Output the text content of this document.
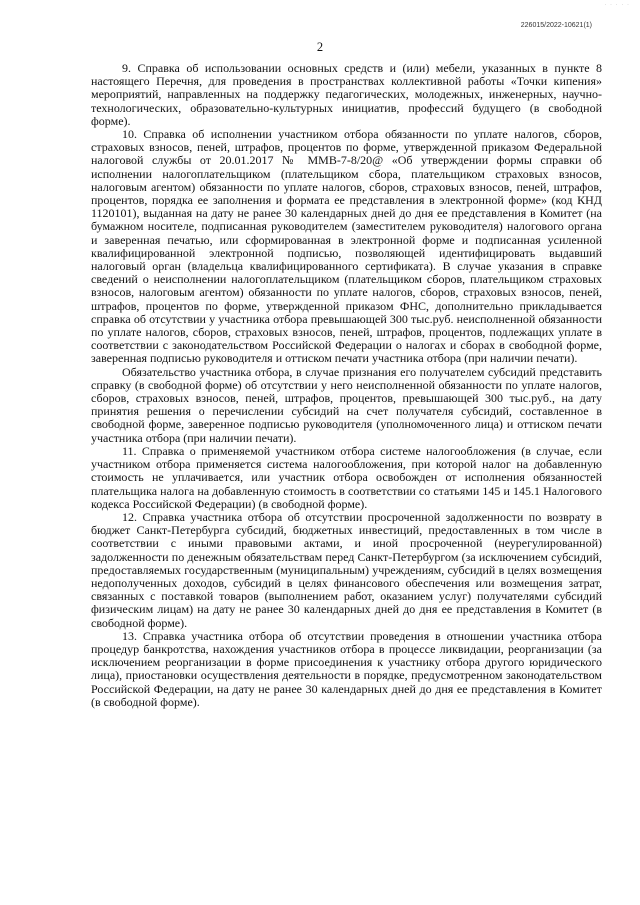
· · · · ·
226015/2022-10621(1)
2

9. Справка об использовании основных средств и (или) мебели, указанных в пункте 8 настоящего Перечня, для проведения в пространствах коллективной работы «Точки кипения» мероприятий, направленных на поддержку педагогических, молодежных, инженерных, научно-технологических, образовательно-культурных инициатив, профессий будущего (в свободной форме).

10. Справка об исполнении участником отбора обязанности по уплате налогов, сборов, страховых взносов, пеней, штрафов, процентов по форме, утвержденной приказом Федеральной налоговой службы от 20.01.2017 № ММВ-7-8/20@ «Об утверждении формы справки об исполнении налогоплательщиком (плательщиком сбора, плательщиком страховых взносов, налоговым агентом) обязанности по уплате налогов, сборов, страховых взносов, пеней, штрафов, процентов, порядка ее заполнения и формата ее представления в электронной форме» (код КНД 1120101), выданная на дату не ранее 30 календарных дней до дня ее представления в Комитет (на бумажном носителе, подписанная руководителем (заместителем руководителя) налогового органа и заверенная печатью, или сформированная в электронной форме и подписанная усиленной квалифицированной электронной подписью, позволяющей идентифицировать выдавший налоговый орган (владельца квалифицированного сертификата). В случае указания в справке сведений о неисполнении налогоплательщиком (плательщиком сборов, плательщиком страховых взносов, налоговым агентом) обязанности по уплате налогов, сборов, страховых взносов, пеней, штрафов, процентов по форме, утвержденной приказом ФНС, дополнительно прикладывается справка об отсутствии у участника отбора превышающей 300 тыс.руб. неисполненной обязанности по уплате налогов, сборов, страховых взносов, пеней, штрафов, процентов, подлежащих уплате в соответствии с законодательством Российской Федерации о налогах и сборах в свободной форме, заверенная подписью руководителя и оттиском печати участника отбора (при наличии печати).

Обязательство участника отбора, в случае признания его получателем субсидий представить справку (в свободной форме) об отсутствии у него неисполненной обязанности по уплате налогов, сборов, страховых взносов, пеней, штрафов, процентов, превышающей 300 тыс.руб., на дату принятия решения о перечислении субсидий на счет получателя субсидий, составленное в свободной форме, заверенное подписью руководителя (уполномоченного лица) и оттиском печати участника отбора (при наличии печати).

11. Справка о применяемой участником отбора системе налогообложения (в случае, если участником отбора применяется система налогообложения, при которой налог на добавленную стоимость не уплачивается, или участник отбора освобожден от исполнения обязанностей плательщика налога на добавленную стоимость в соответствии со статьями 145 и 145.1 Налогового кодекса Российской Федерации) (в свободной форме).

12. Справка участника отбора об отсутствии просроченной задолженности по возврату в бюджет Санкт-Петербурга субсидий, бюджетных инвестиций, предоставленных в том числе в соответствии с иными правовыми актами, и иной просроченной (неурегулированной) задолженности по денежным обязательствам перед Санкт-Петербургом (за исключением субсидий, предоставляемых государственным (муниципальным) учреждениям, субсидий в целях возмещения недополученных доходов, субсидий в целях финансового обеспечения или возмещения затрат, связанных с поставкой товаров (выполнением работ, оказанием услуг) получателями субсидий физическим лицам) на дату не ранее 30 календарных дней до дня ее представления в Комитет (в свободной форме).

13. Справка участника отбора об отсутствии проведения в отношении участника отбора процедур банкротства, нахождения участников отбора в процессе ликвидации, реорганизации (за исключением реорганизации в форме присоединения к участнику отбора другого юридического лица), приостановки осуществления деятельности в порядке, предусмотренном законодательством Российской Федерации, на дату не ранее 30 календарных дней до дня ее представления в Комитет (в свободной форме).
